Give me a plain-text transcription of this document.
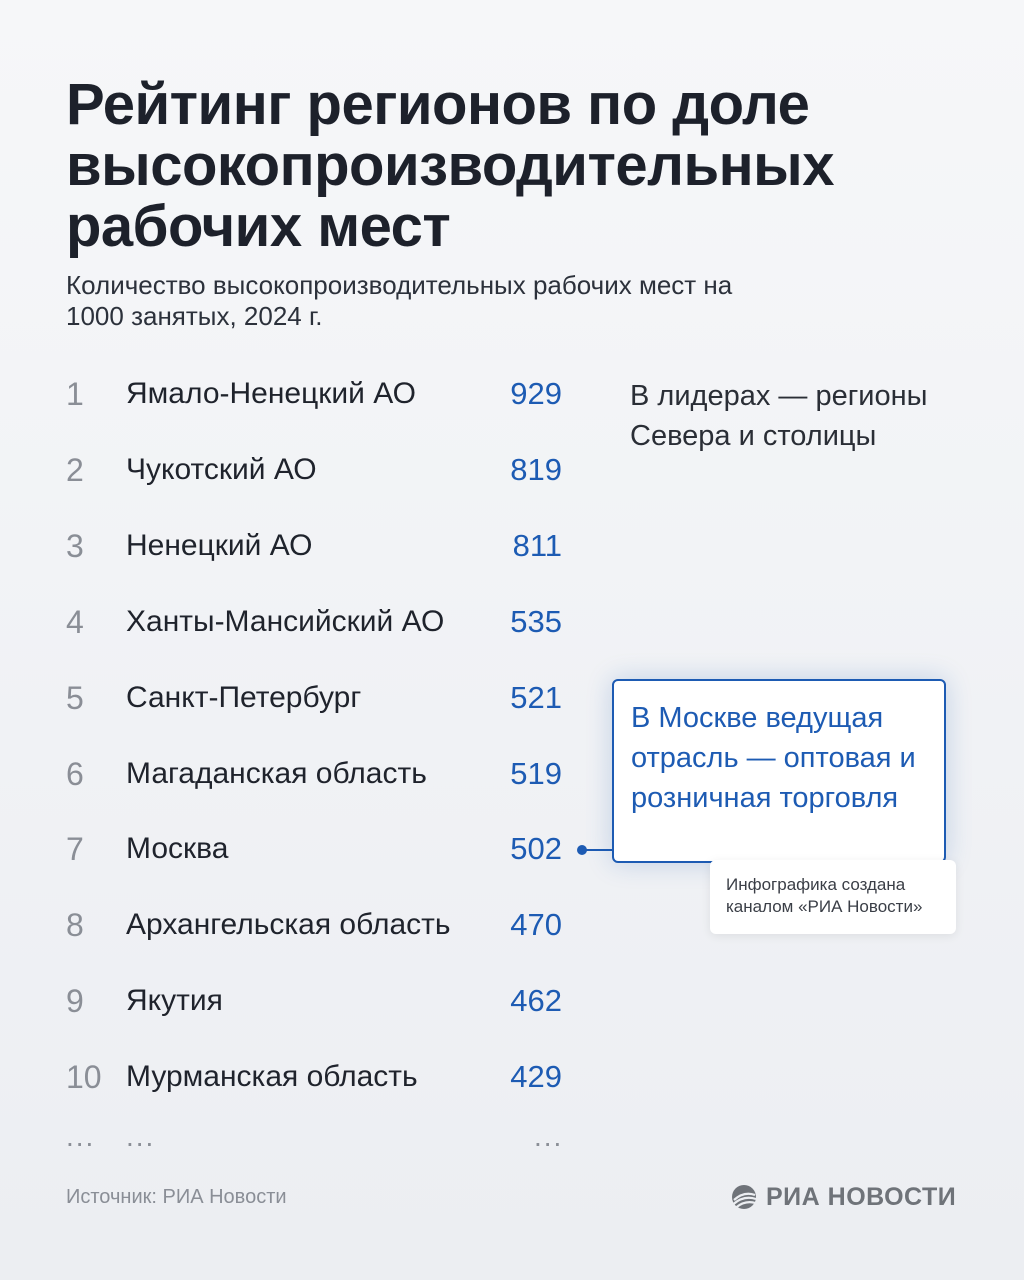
Рейтинг регионов по доле высокопроизводительных рабочих мест

Количество высокопроизводительных рабочих мест на 1000 занятых, 2024 г.

1 Ямало-Ненецкий АО	929
2 Чукотский АО	819
3 Ненецкий АО	811
4 Ханты-Мансийский АО 535
5 Санкт-Петербург	521
6 Магаданская область	519
7 Москва	502
8 Архангельская область 470
9 Якутия	462
10 Мурманская область	429
... ...	...

В лидерах — регионы Севера и столицы

В Москве ведущая отрасль — оптовая и розничная торговля

Инфографика создана каналом «РИА Новости»
Источник: РИА Новости	РИА НОВОСТИ
